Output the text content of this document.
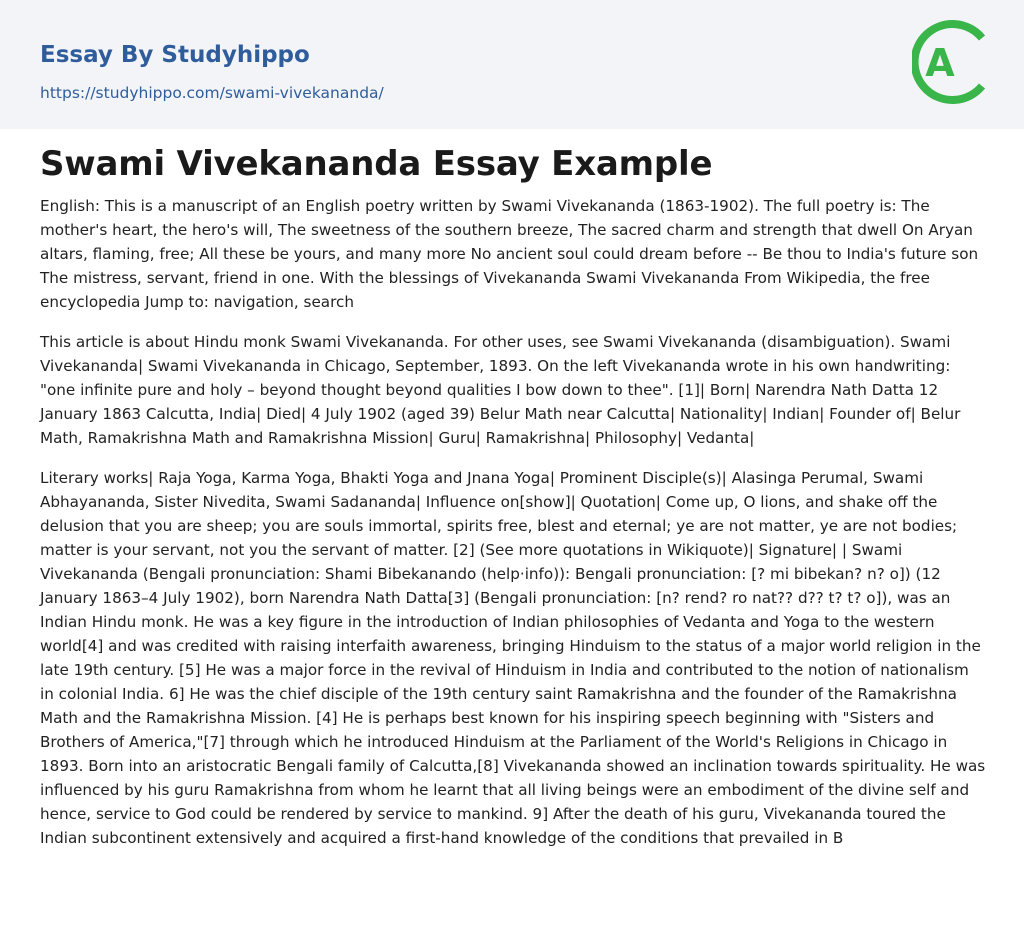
Essay By Studyhippo
https://studyhippo.com/swami-vivekananda/
A
Swami Vivekananda Essay Example

English: This is a manuscript of an English poetry written by Swami Vivekananda (1863-1902). The full poetry is: The mother's heart, the hero's will, The sweetness of the southern breeze, The sacred charm and strength that dwell On Aryan altars, flaming, free; All these be yours, and many more No ancient soul could dream before -- Be thou to India's future son The mistress, servant, friend in one. With the blessings of Vivekananda Swami Vivekananda From Wikipedia, the free encyclopedia Jump to: navigation, search

This article is about Hindu monk Swami Vivekananda. For other uses, see Swami Vivekananda (disambiguation). Swami Vivekananda| Swami Vivekananda in Chicago, September, 1893. On the left Vivekananda wrote in his own handwriting: "one infinite pure and holy – beyond thought beyond qualities I bow down to thee". [1]| Born| Narendra Nath Datta 12 January 1863 Calcutta, India| Died| 4 July 1902 (aged 39) Belur Math near Calcutta| Nationality| Indian| Founder of| Belur Math, Ramakrishna Math and Ramakrishna Mission| Guru| Ramakrishna| Philosophy| Vedanta|

Literary works| Raja Yoga, Karma Yoga, Bhakti Yoga and Jnana Yoga| Prominent Disciple(s)| Alasinga Perumal, Swami Abhayananda, Sister Nivedita, Swami Sadananda| Influence on[show]| Quotation| Come up, O lions, and shake off the delusion that you are sheep; you are souls immortal, spirits free, blest and eternal; ye are not matter, ye are not bodies; matter is your servant, not you the servant of matter. [2] (See more quotations in Wikiquote)| Signature| | Swami Vivekananda (Bengali pronunciation: Shami Bibekanando (help·info)): Bengali pronunciation: [? mi bibekan? n? o]) (12 January 1863–4 July 1902), born Narendra Nath Datta[3] (Bengali pronunciation: [n? rend? ro nat?? d?? t? t? o]), was an Indian Hindu monk. He was a key figure in the introduction of Indian philosophies of Vedanta and Yoga to the western world[4] and was credited with raising interfaith awareness, bringing Hinduism to the status of a major world religion in the late 19th century. [5] He was a major force in the revival of Hinduism in India and contributed to the notion of nationalism in colonial India. 6] He was the chief disciple of the 19th century saint Ramakrishna and the founder of the Ramakrishna Math and the Ramakrishna Mission. [4] He is perhaps best known for his inspiring speech beginning with "Sisters and Brothers of America,"[7] through which he introduced Hinduism at the Parliament of the World's Religions in Chicago in 1893. Born into an aristocratic Bengali family of Calcutta,[8] Vivekananda showed an inclination towards spirituality. He was influenced by his guru Ramakrishna from whom he learnt that all living beings were an embodiment of the divine self and hence, service to God could be rendered by service to mankind. 9] After the death of his guru, Vivekananda toured the Indian subcontinent extensively and acquired a first-hand knowledge of the conditions that prevailed in B
